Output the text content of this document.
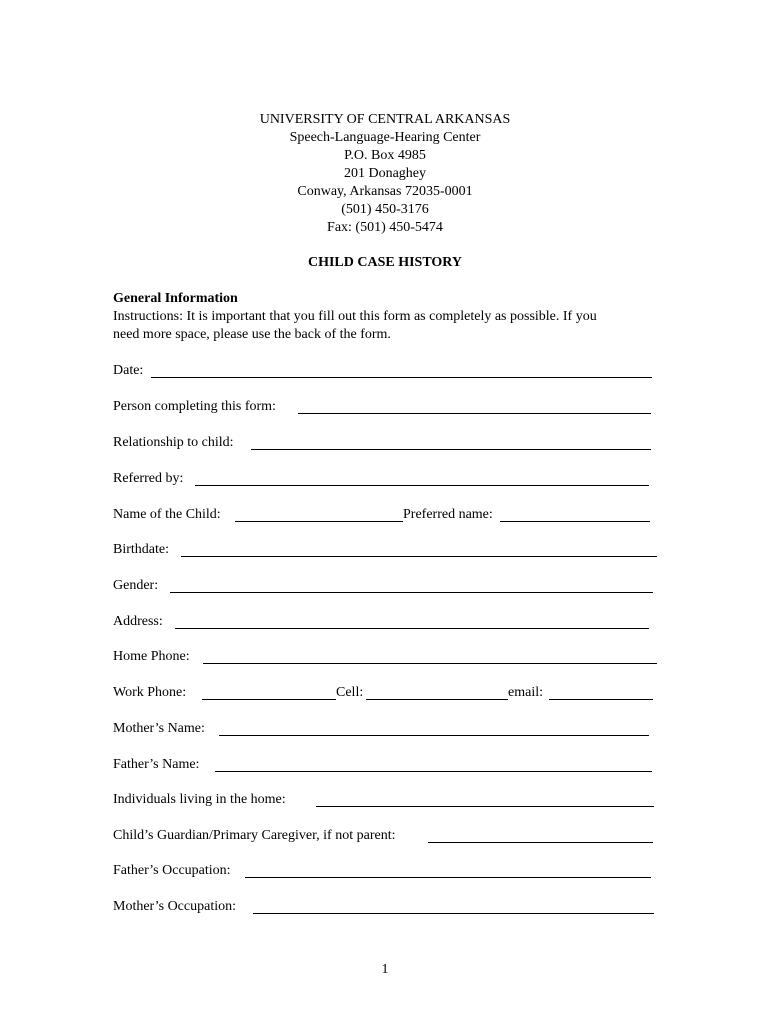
UNIVERSITY OF CENTRAL ARKANSAS
Speech-Language-Hearing Center
P.O. Box 4985
201 Donaghey
Conway, Arkansas 72035-0001
(501) 450-3176
Fax: (501) 450-5474
CHILD CASE HISTORY
General Information
Instructions: It is important that you fill out this form as completely as possible. If you
need more space, please use the back of the form.
Date:
Person completing this form:
Relationship to child:
Referred by:
Name of the Child:	Preferred name:
Birthdate:
Gender:
Address:
Home Phone:
Work Phone:	Cell:	email:
Mother’s Name:
Father’s Name:
Individuals living in the home:
Child’s Guardian/Primary Caregiver, if not parent:
Father’s Occupation:
Mother’s Occupation:
1
